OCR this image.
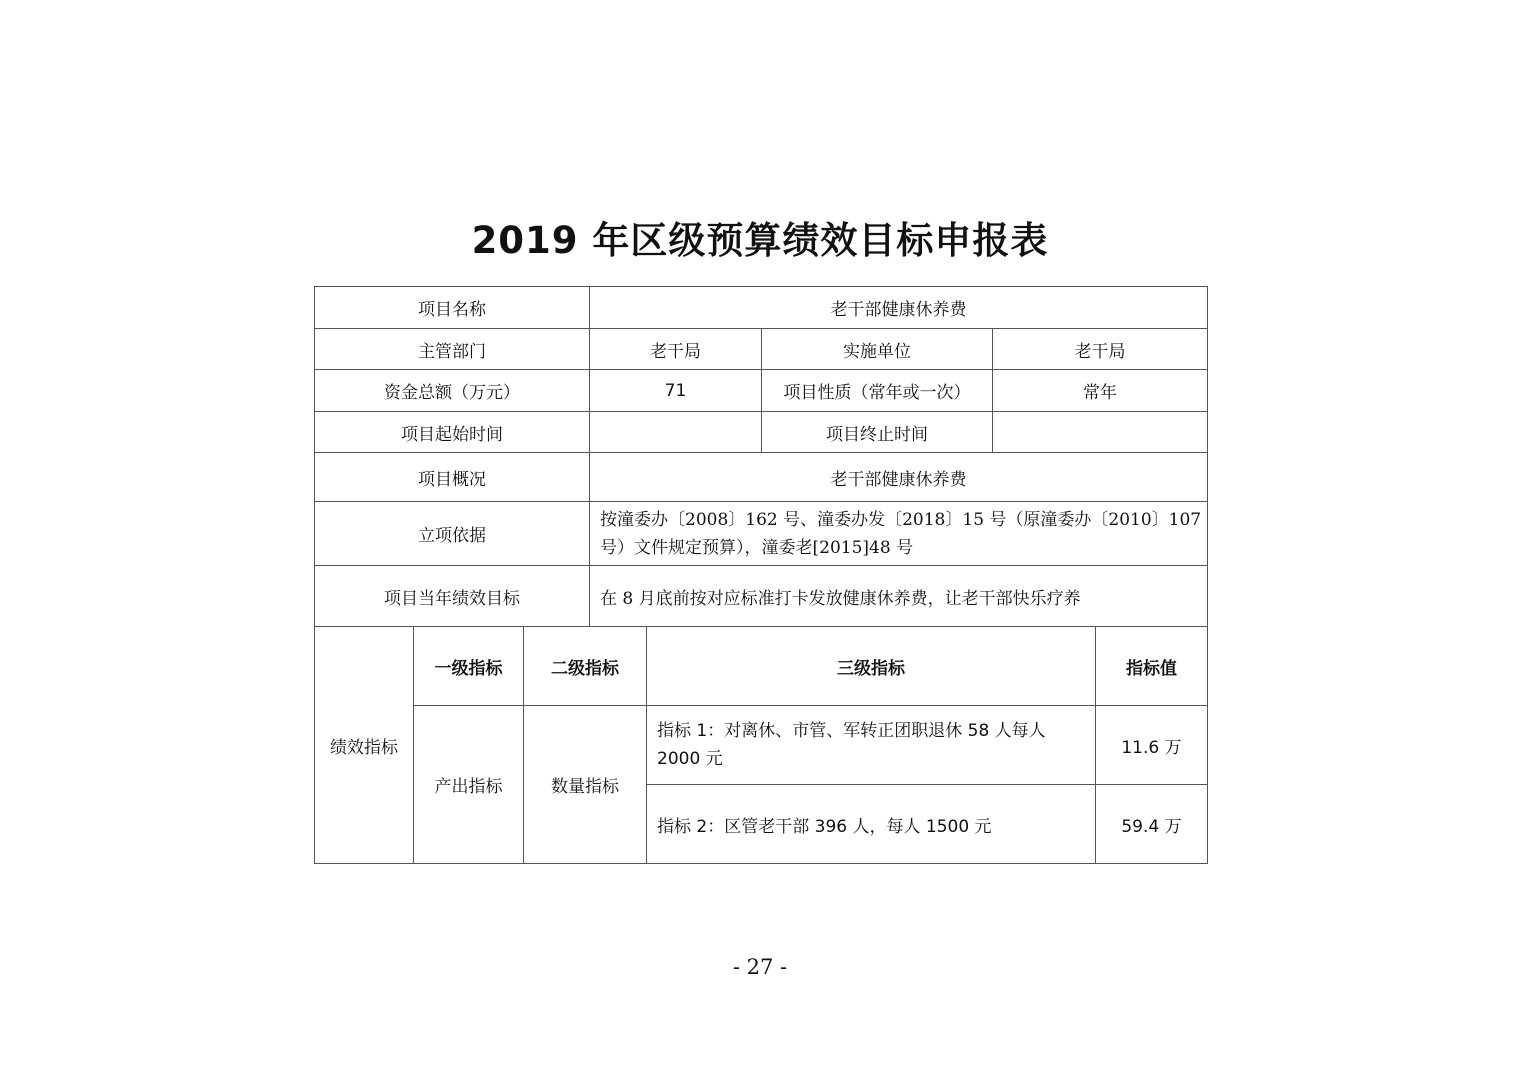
2019 年区级预算绩效目标申报表
项目名称	老干部健康休养费		
主管部门	老干局	实施单位	老干局
资金总额（万元）	71	项目性质（常年或一次）	常年
项目起始时间		项目终止时间	
项目概况	老干部健康休养费		
立项依据	按潼委办〔2008〕162 号、潼委办发〔2018〕15 号（原潼委办〔2010〕107
号）文件规定预算），潼委老[2015]48 号		

项目当年绩效目标	在 8 月底前按对应标准打卡发放健康休养费，让老干部快乐疗养		
绩效指标	一级指标	二级指标	三级指标	指标值
	产出指标	数量指标	指标 1：对离休、市管、军转正团职退休 58 人每人
2000 元	11.6 万
			指标 2：区管老干部 396 人，每人 1500 元	59.4 万
- 27 -
